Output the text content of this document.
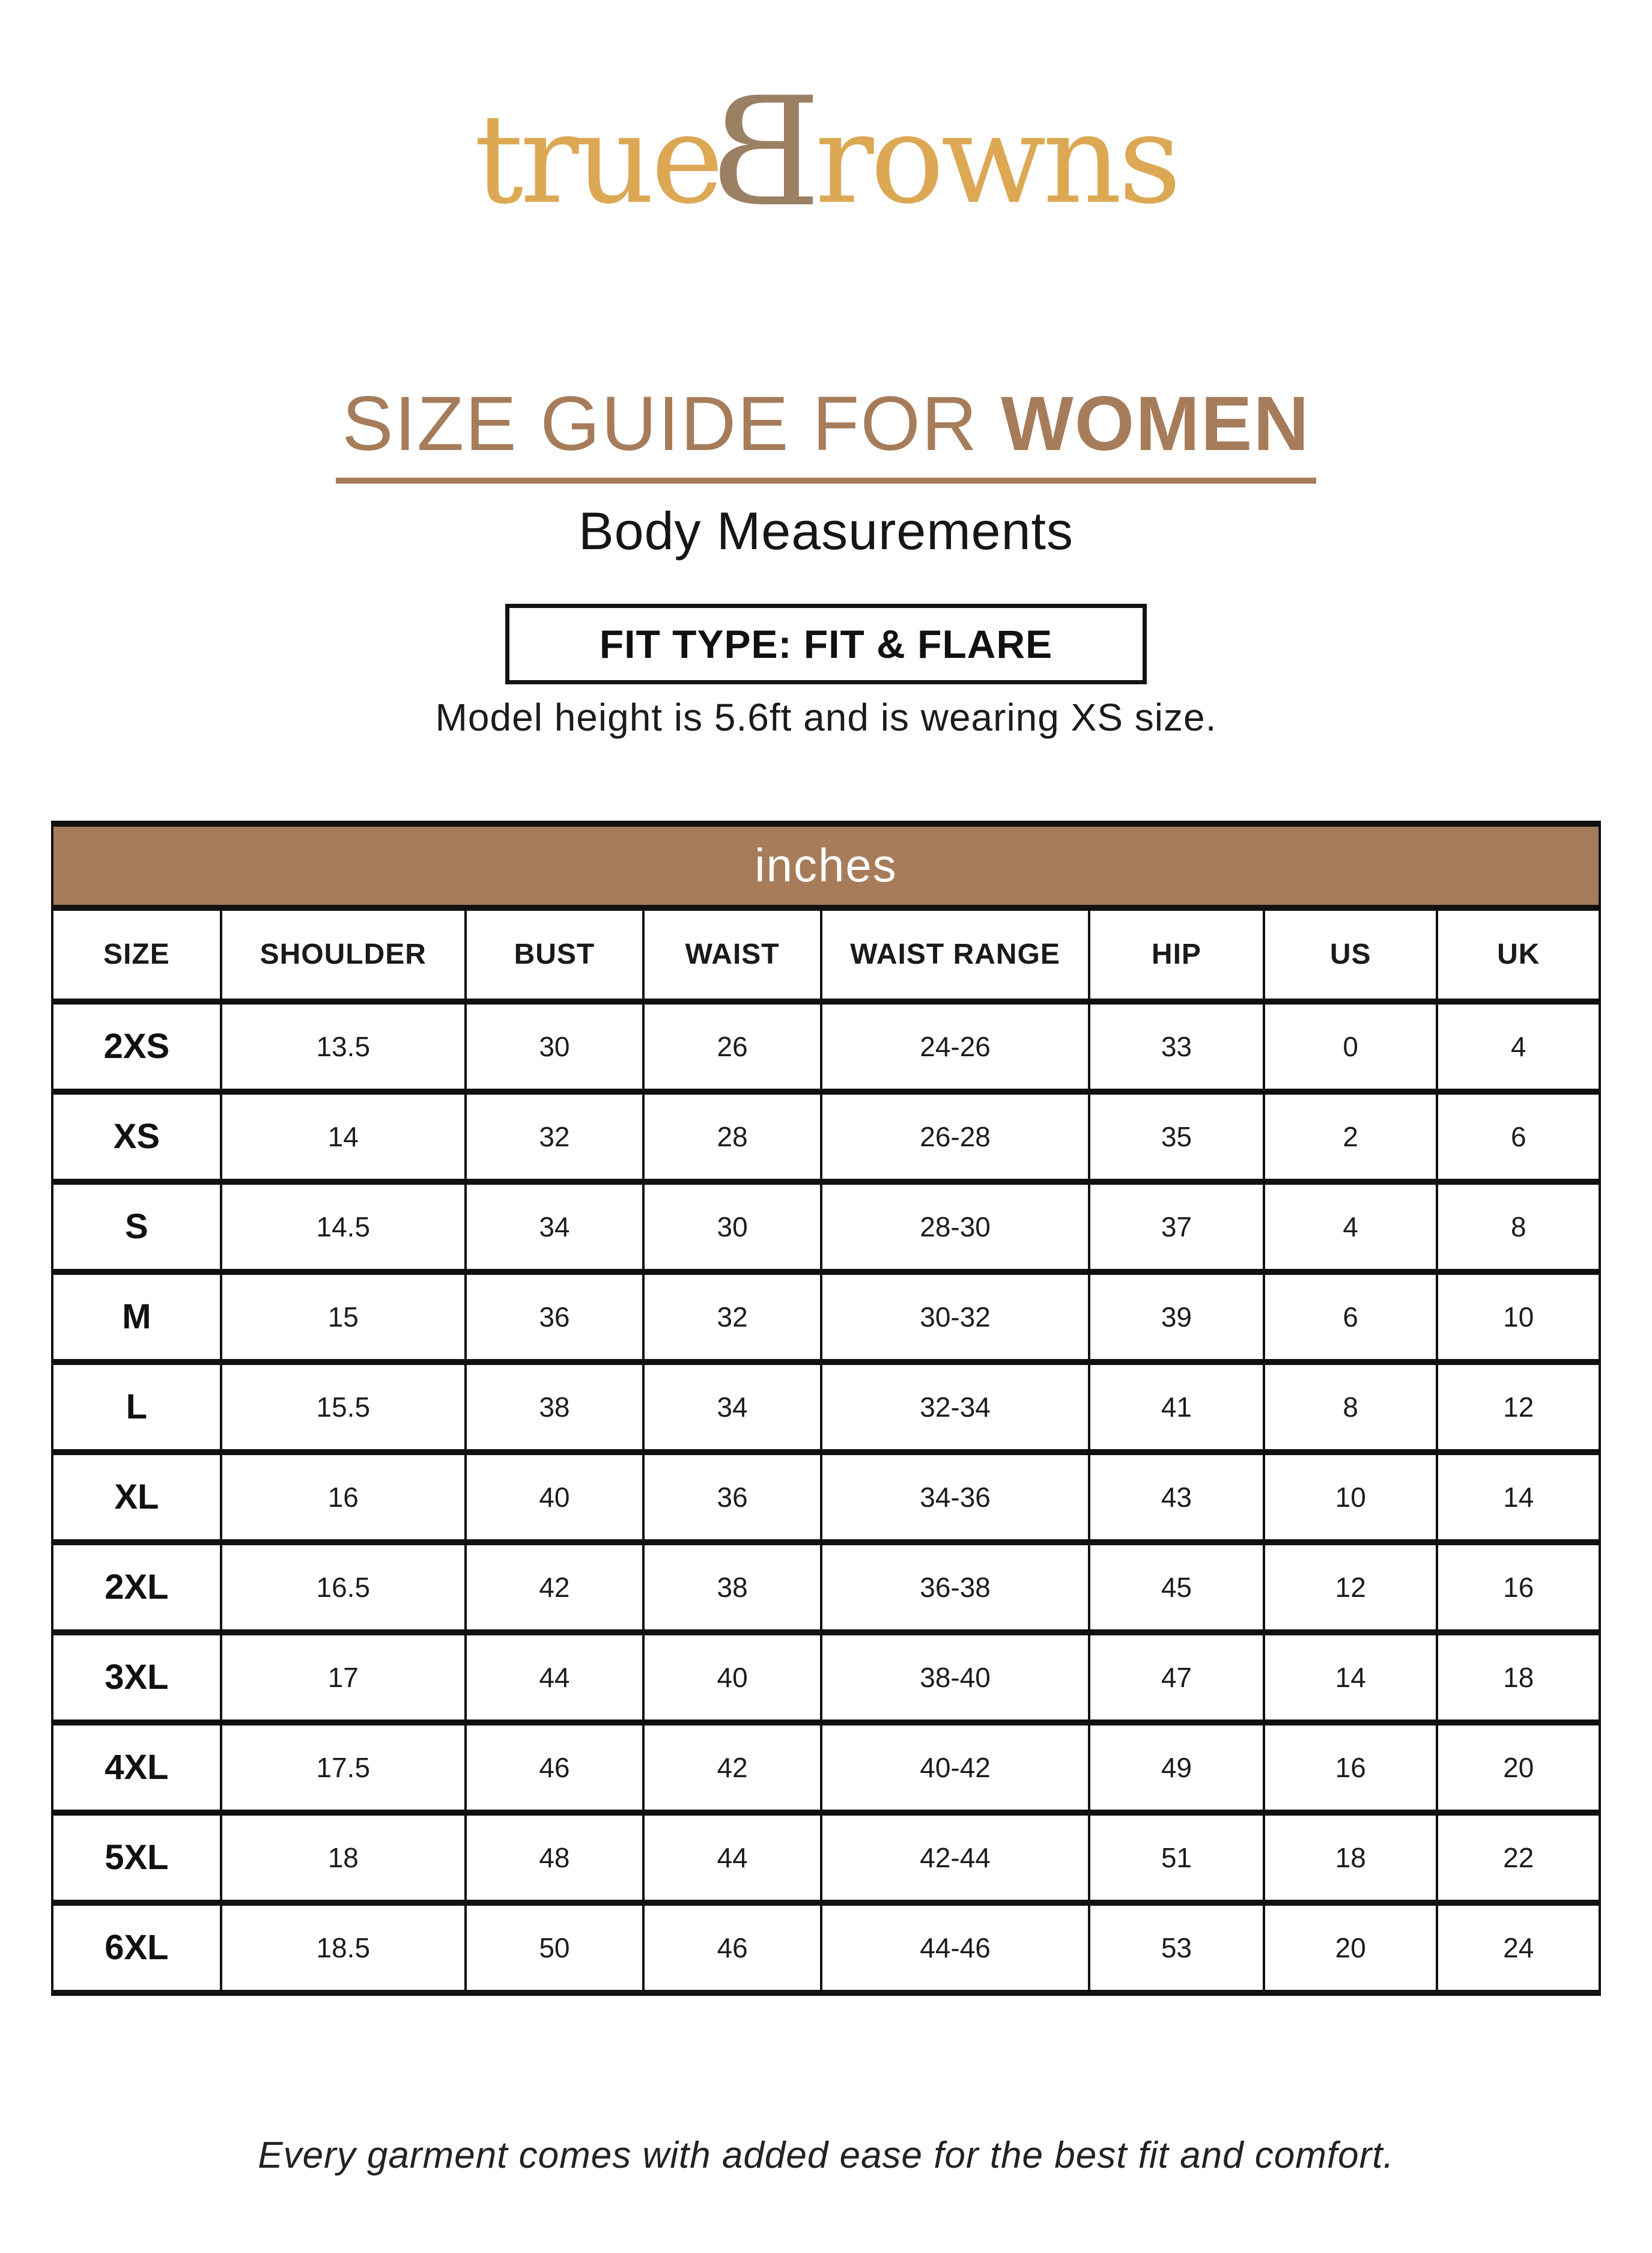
trueBrowns
SIZE GUIDE FOR WOMEN
Body Measurements
FIT TYPE: FIT & FLARE

Model height is 5.6ft and is wearing XS size.

inches							
SIZE	SHOULDER	BUST	WAIST	WAIST RANGE	HIP	US	UK
2XS	13.5	30	26	24-26	33	0	4
XS	14	32	28	26-28	35	2	6
S	14.5	34	30	28-30	37	4	8
M	15	36	32	30-32	39	6	10
L	15.5	38	34	32-34	41	8	12
XL	16	40	36	34-36	43	10	14
2XL	16.5	42	38	36-38	45	12	16
3XL	17	44	40	38-40	47	14	18
4XL	17.5	46	42	40-42	49	16	20
5XL	18	48	44	42-44	51	18	22
6XL	18.5	50	46	44-46	53	20	24

Every garment comes with added ease for the best fit and comfort.
